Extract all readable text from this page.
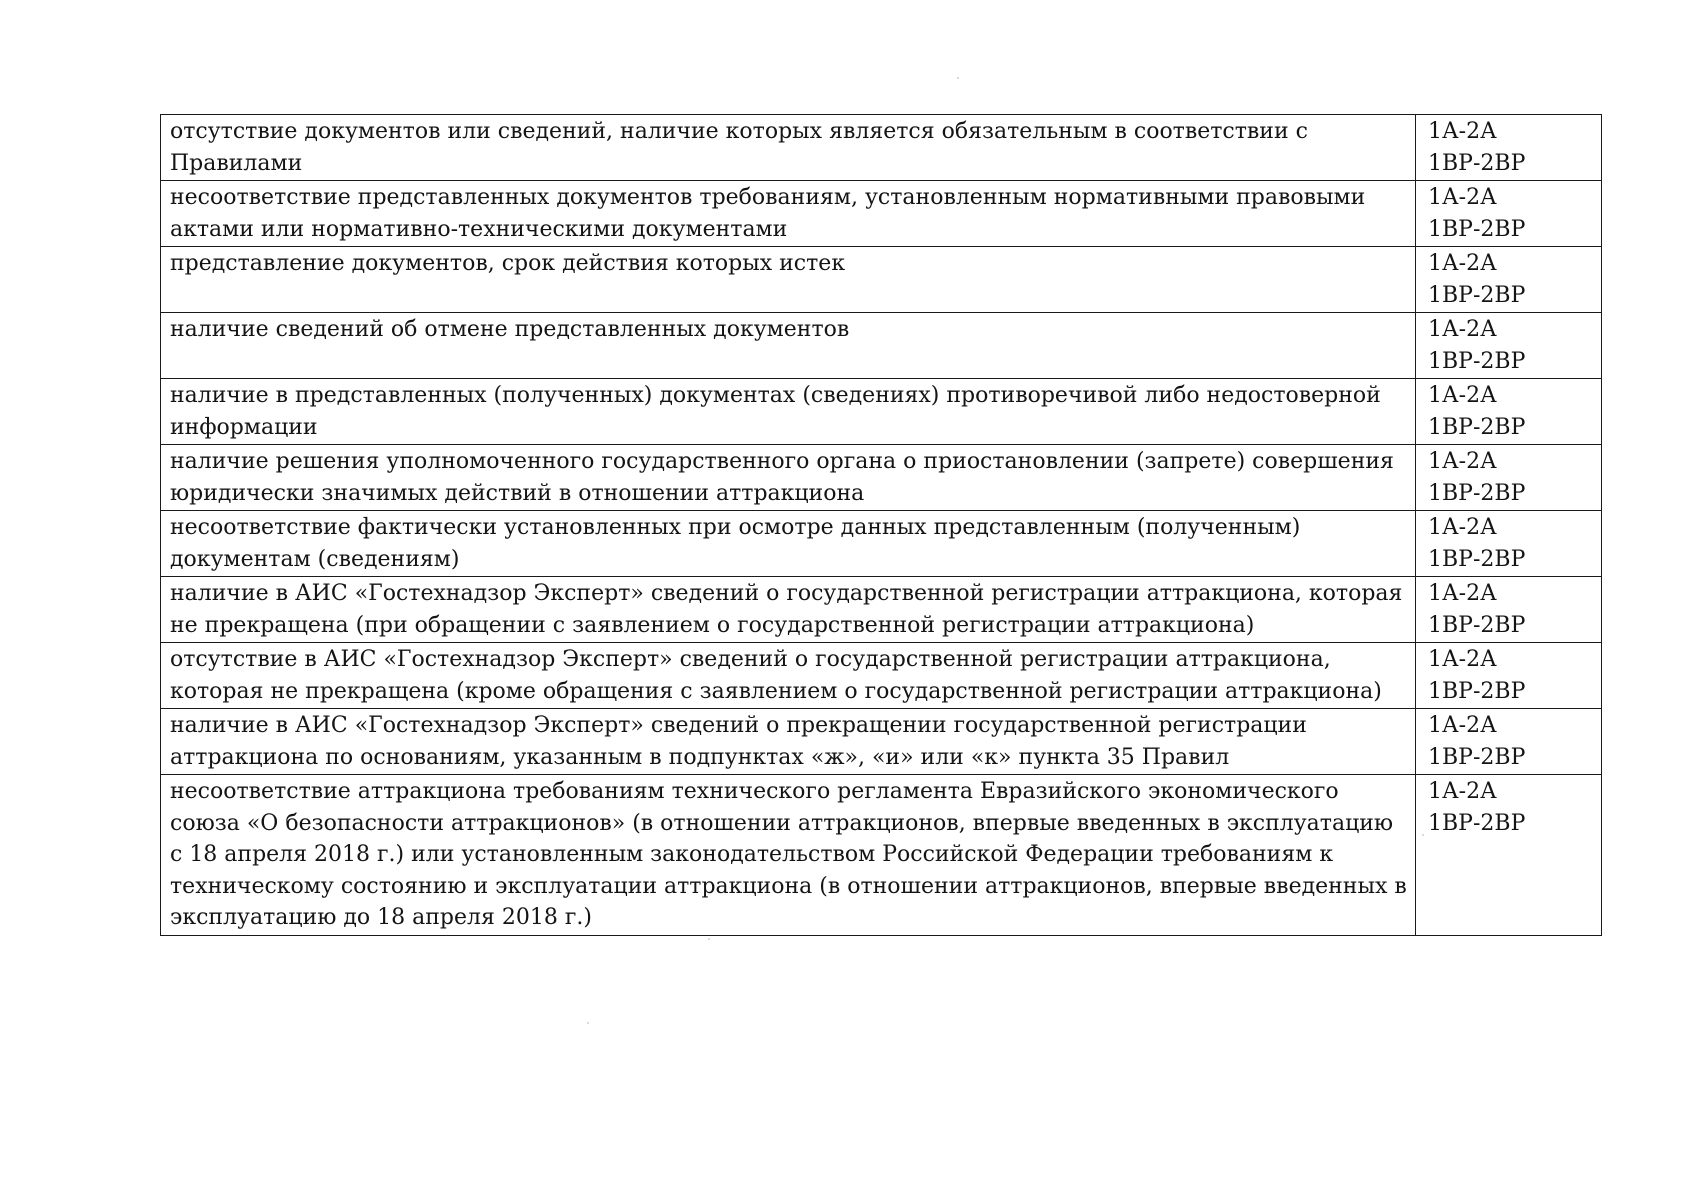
отсутствие документов или сведений, наличие которых является обязательным в соответствии с Правилами	1А-2А
1ВР-2ВР

несоответствие представленных документов требованиям, установленным нормативными правовыми актами или нормативно-техническими документами	1А-2А
1ВР-2ВР

представление документов, срок действия которых истек	1А-2А
1ВР-2ВР

наличие сведений об отмене представленных документов	1А-2А
1ВР-2ВР

наличие в представленных (полученных) документах (сведениях) противоречивой либо недостоверной информации	1А-2А
1ВР-2ВР

наличие решения уполномоченного государственного органа о приостановлении (запрете) совершения юридически значимых действий в отношении аттракциона	1А-2А
1ВР-2ВР

несоответствие фактически установленных при осмотре данных представленным (полученным) документам (сведениям)	1А-2А
1ВР-2ВР

наличие в АИС «Гостехнадзор Эксперт» сведений о государственной регистрации аттракциона, которая не прекращена (при обращении с заявлением о государственной регистрации аттракциона)	1А-2А
1ВР-2ВР

отсутствие в АИС «Гостехнадзор Эксперт» сведений о государственной регистрации аттракциона, которая не прекращена (кроме обращения с заявлением о государственной регистрации аттракциона)	1А-2А
1ВР-2ВР

наличие в АИС «Гостехнадзор Эксперт» сведений о прекращении государственной регистрации аттракциона по основаниям, указанным в подпунктах «ж», «и» или «к» пункта 35 Правил	1А-2А
1ВР-2ВР

несоответствие аттракциона требованиям технического регламента Евразийского экономического союза «О безопасности аттракционов» (в отношении аттракционов, впервые введенных в эксплуатацию с 18 апреля 2018 г.) или установленным законодательством Российской Федерации требованиям к техническому состоянию и эксплуатации аттракциона (в отношении аттракционов, впервые введенных в эксплуатацию до 18 апреля 2018 г.)	1А-2А
1ВР-2ВР
